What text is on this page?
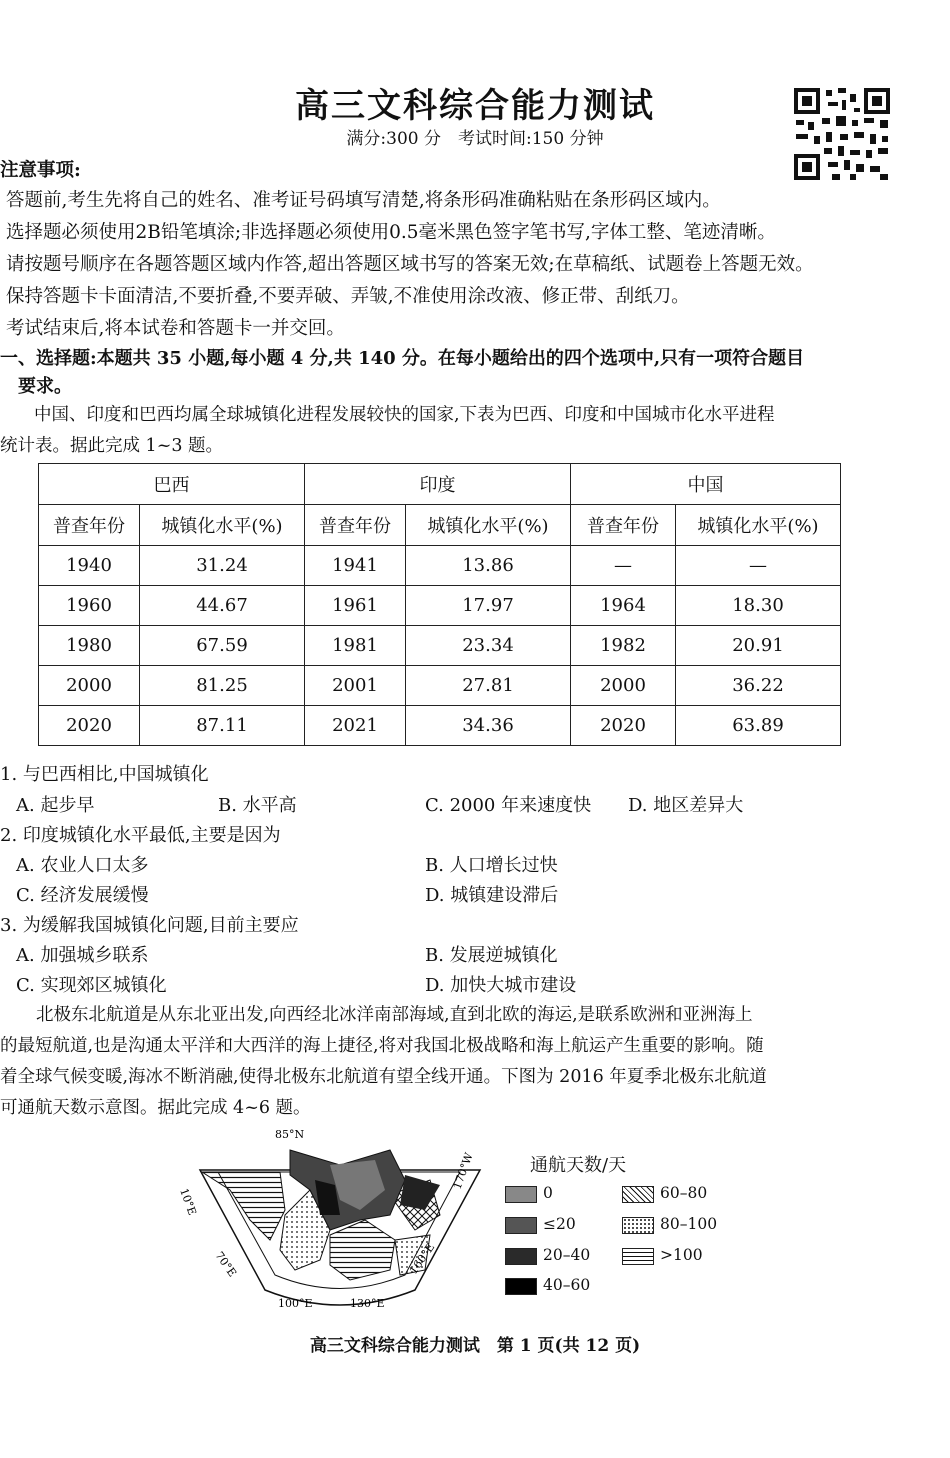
高三文科综合能力测试
满分:300 分　考试时间:150 分钟
注意事项:
答题前,考生先将自己的姓名、准考证号码填写清楚,将条形码准确粘贴在条形码区域内。
选择题必须使用2B铅笔填涂;非选择题必须使用0.5毫米黑色签字笔书写,字体工整、笔迹清晰。
请按题号顺序在各题答题区域内作答,超出答题区域书写的答案无效;在草稿纸、试题卷上答题无效。
保持答题卡卡面清洁,不要折叠,不要弄破、弄皱,不准使用涂改液、修正带、刮纸刀。
考试结束后,将本试卷和答题卡一并交回。
一、选择题:本题共 35 小题,每小题 4 分,共 140 分。在每小题给出的四个选项中,只有一项符合题目
要求。
中国、印度和巴西均属全球城镇化进程发展较快的国家,下表为巴西、印度和中国城市化水平进程
统计表。据此完成 1~3 题。
巴西		印度		中国	
普查年份	城镇化水平(%)	普查年份	城镇化水平(%)	普查年份	城镇化水平(%)
1940	31.24	1941	13.86	—	—
1960	44.67	1961	17.97	1964	18.30
1980	67.59	1981	23.34	1982	20.91
2000	81.25	2001	27.81	2000	36.22
2020	87.11	2021	34.36	2020	63.89
1. 与巴西相比,中国城镇化
A. 起步早	B. 水平高	C. 2000 年来速度快 D. 地区差异大
2. 印度城镇化水平最低,主要是因为
A. 农业人口太多	B. 人口增长过快
C. 经济发展缓慢	D. 城镇建设滞后
3. 为缓解我国城镇化问题,目前主要应
A. 加强城乡联系	B. 发展逆城镇化
C. 实现郊区城镇化	D. 加快大城市建设
北极东北航道是从东北亚出发,向西经北冰洋南部海域,直到北欧的海运,是联系欧洲和亚洲海上
的最短航道,也是沟通太平洋和大西洋的海上捷径,将对我国北极战略和海上航运产生重要的影响。随
着全球气候变暖,海冰不断消融,使得北极东北航道有望全线开通。下图为 2016 年夏季北极东北航道
可通航天数示意图。据此完成 4~6 题。
85°N
170°W
10°E
70°E
100°E	130°E
160°E
通航天数/天
0
≤20
20–40
40–60
60–80
80–100
>100
高三文科综合能力测试　第 1 页(共 12 页)
